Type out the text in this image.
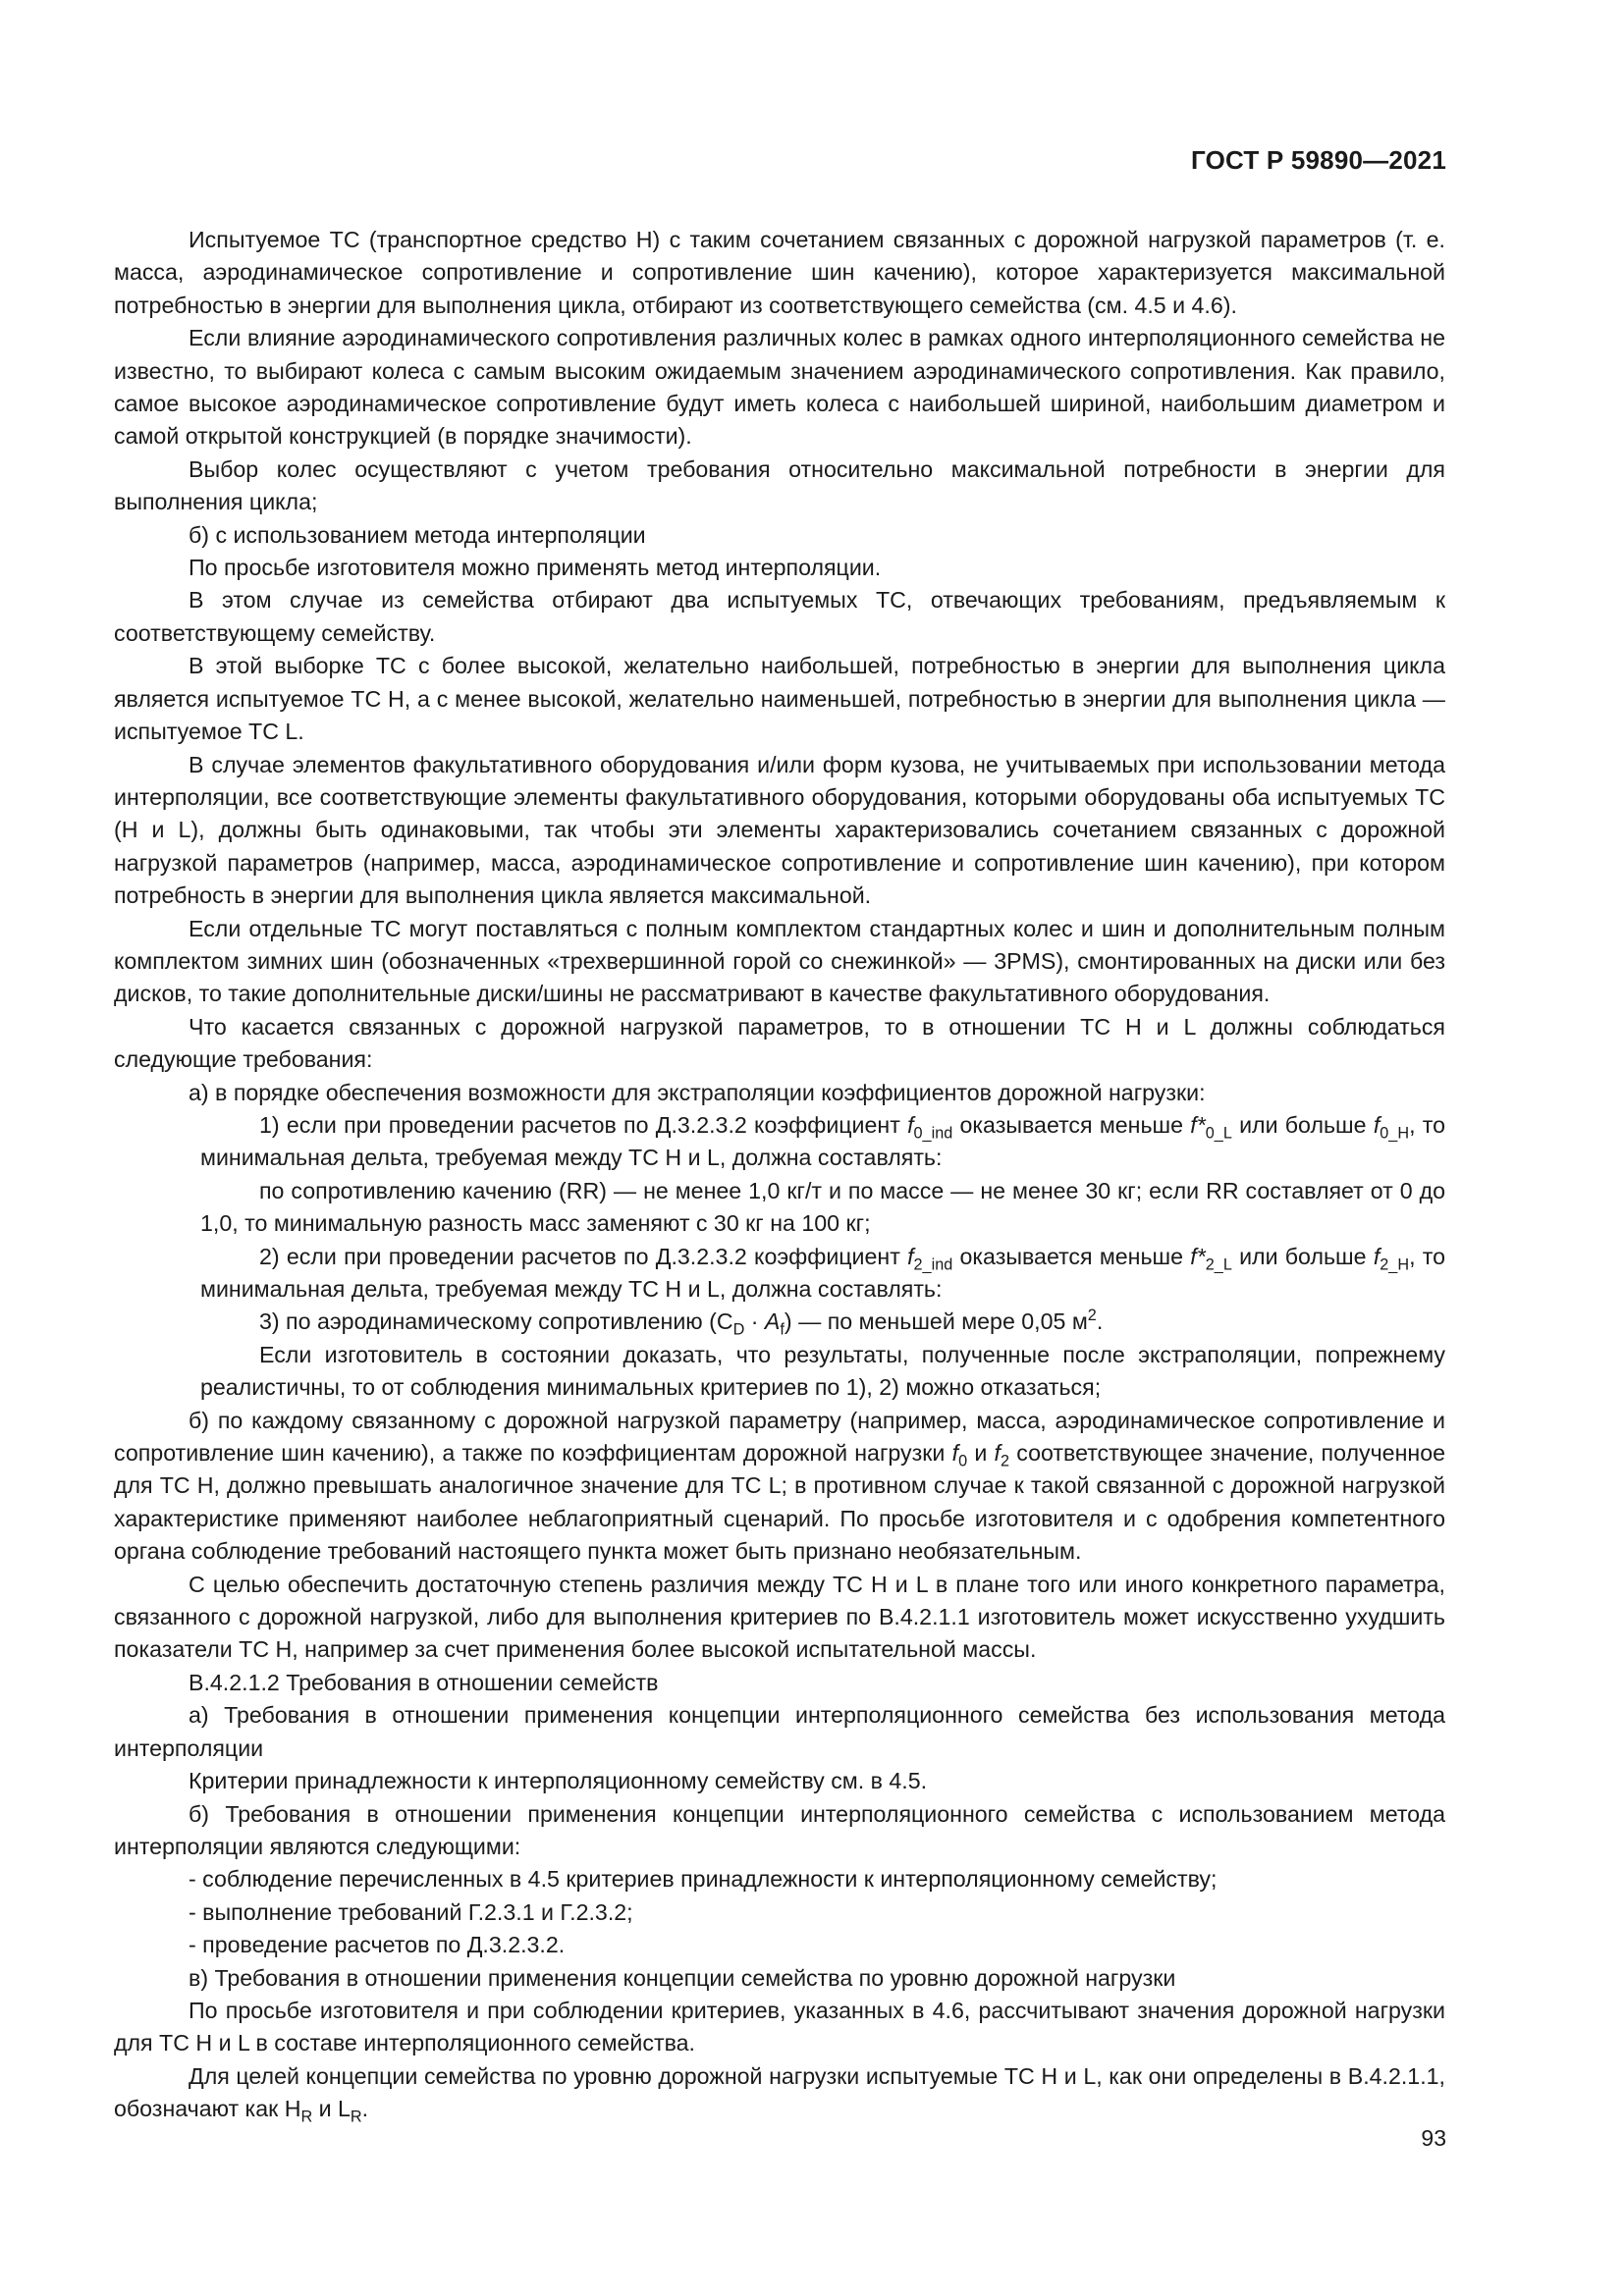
ГОСТ Р 59890—2021

Испытуемое ТС (транспортное средство H) с таким сочетанием связанных с дорожной нагрузкой параметров (т. е. масса, аэродинамическое сопротивление и сопротивление шин качению), которое характеризуется максимальной потребностью в энергии для выполнения цикла, отбирают из соответствующего семейства (см. 4.5 и 4.6).

Если влияние аэродинамического сопротивления различных колес в рамках одного интерполяционного семейства не известно, то выбирают колеса с самым высоким ожидаемым значением аэродинамического сопротивления. Как правило, самое высокое аэродинамическое сопротивление будут иметь колеса с наибольшей шириной, наибольшим диаметром и самой открытой конструкцией (в порядке значимости).

Выбор колес осуществляют с учетом требования относительно максимальной потребности в энергии для выполнения цикла;

б) с использованием метода интерполяции

По просьбе изготовителя можно применять метод интерполяции.

В этом случае из семейства отбирают два испытуемых ТС, отвечающих требованиям, предъявляемым к соответствующему семейству.

В этой выборке ТС с более высокой, желательно наибольшей, потребностью в энергии для выполнения цикла является испытуемое ТС H, а с менее высокой, желательно наименьшей, потребностью в энергии для выполнения цикла — испытуемое ТС L.

В случае элементов факультативного оборудования и/или форм кузова, не учитываемых при использовании метода интерполяции, все соответствующие элементы факультативного оборудования, которыми оборудованы оба испытуемых ТС (H и L), должны быть одинаковыми, так чтобы эти элементы характеризовались сочетанием связанных с дорожной нагрузкой параметров (например, масса, аэродинамическое сопротивление и сопротивление шин качению), при котором потребность в энергии для выполнения цикла является максимальной.

Если отдельные ТС могут поставляться с полным комплектом стандартных колес и шин и дополнительным полным комплектом зимних шин (обозначенных «трехвершинной горой со снежинкой» — 3PMS), смонтированных на диски или без дисков, то такие дополнительные диски/шины не рассматривают в качестве факультативного оборудования.

Что касается связанных с дорожной нагрузкой параметров, то в отношении ТС H и L должны соблюдаться следующие требования:

а) в порядке обеспечения возможности для экстраполяции коэффициентов дорожной нагрузки:

1) если при проведении расчетов по Д.3.2.3.2 коэффициент $f_{0\_ind}$ оказывается меньше $f*_{0\_L}$ или больше $f_{0\_H}$, то минимальная дельта, требуемая между ТС H и L, должна составлять:

по сопротивлению качению (RR) — не менее 1,0 кг/т и по массе — не менее 30 кг; если RR составляет от 0 до 1,0, то минимальную разность масс заменяют с 30 кг на 100 кг;

2) если при проведении расчетов по Д.3.2.3.2 коэффициент $f_{2\_ind}$ оказывается меньше $f*_{2\_L}$ или больше $f_{2\_H}$, то минимальная дельта, требуемая между ТС H и L, должна составлять:

3) по аэродинамическому сопротивлению $(C_D \cdot A_f)$ — по меньшей мере 0,05 $м^2$.

Если изготовитель в состоянии доказать, что результаты, полученные после экстраполяции, попрежнему реалистичны, то от соблюдения минимальных критериев по 1), 2) можно отказаться;

б) по каждому связанному с дорожной нагрузкой параметру (например, масса, аэродинамическое сопротивление и сопротивление шин качению), а также по коэффициентам дорожной нагрузки $f_0$ и $f_2$ соответствующее значение, полученное для ТС H, должно превышать аналогичное значение для ТС L; в противном случае к такой связанной с дорожной нагрузкой характеристике применяют наиболее неблагоприятный сценарий. По просьбе изготовителя и с одобрения компетентного органа соблюдение требований настоящего пункта может быть признано необязательным.

С целью обеспечить достаточную степень различия между ТС H и L в плане того или иного конкретного параметра, связанного с дорожной нагрузкой, либо для выполнения критериев по В.4.2.1.1 изготовитель может искусственно ухудшить показатели ТС H, например за счет применения более высокой испытательной массы.

В.4.2.1.2 Требования в отношении семейств

а) Требования в отношении применения концепции интерполяционного семейства без использования метода интерполяции

Критерии принадлежности к интерполяционному семейству см. в 4.5.

б) Требования в отношении применения концепции интерполяционного семейства с использованием метода интерполяции являются следующими:

- соблюдение перечисленных в 4.5 критериев принадлежности к интерполяционному семейству;

- выполнение требований Г.2.3.1 и Г.2.3.2;

- проведение расчетов по Д.3.2.3.2.

в) Требования в отношении применения концепции семейства по уровню дорожной нагрузки

По просьбе изготовителя и при соблюдении критериев, указанных в 4.6, рассчитывают значения дорожной нагрузки для ТС H и L в составе интерполяционного семейства.

Для целей концепции семейства по уровню дорожной нагрузки испытуемые ТС H и L, как они определены в В.4.2.1.1, обозначают как $H_R$ и $L_R$.

93
